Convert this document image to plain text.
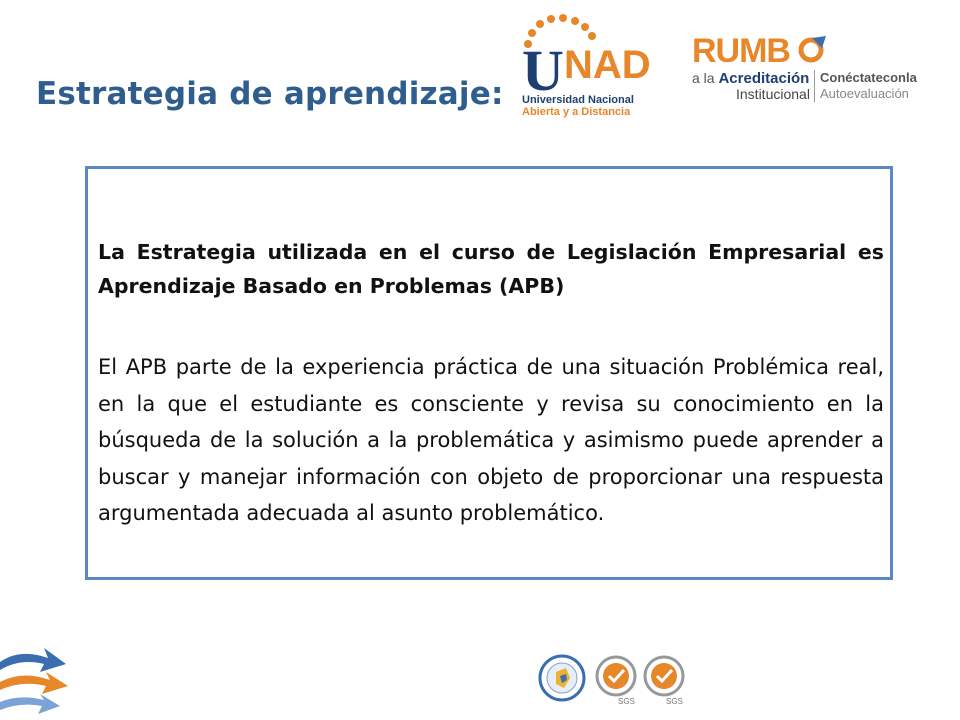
Estrategia de aprendizaje: U NAD
Universidad Nacional
Abierta y a Distancia
RUMB
a la Acreditación
Institucional
Conéctateconla
Autoevaluación
La Estrategia utilizada en el curso de Legislación Empresarial es Aprendizaje Basado en Problemas (APB)
El APB parte de la experiencia práctica de una situación Problémica real, en la que el estudiante es consciente y revisa su conocimiento en la búsqueda de la solución a la problemática y asimismo puede aprender a buscar y manejar información con objeto de proporcionar una respuesta argumentada adecuada al asunto problemático.
SGS	SGS
